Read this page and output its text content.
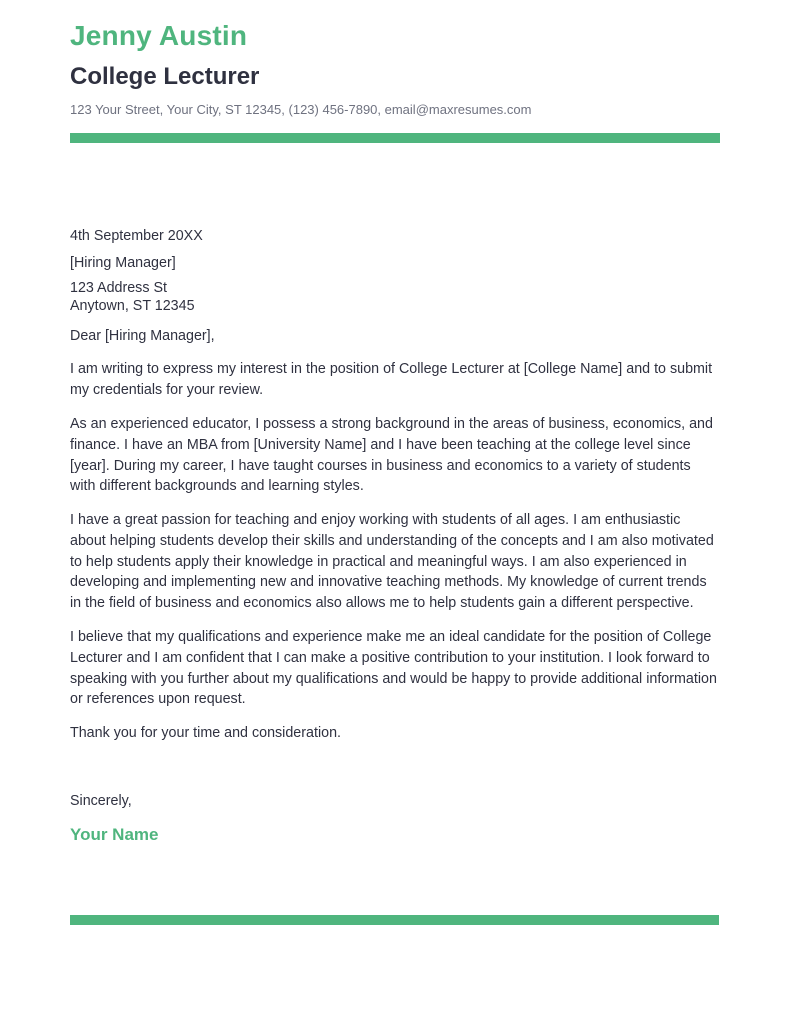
Jenny Austin
College Lecturer
123 Your Street, Your City, ST 12345, (123) 456-7890, email@maxresumes.com
4th September 20XX
[Hiring Manager]
123 Address St
Anytown, ST 12345
Dear [Hiring Manager],
I am writing to express my interest in the position of College Lecturer at [College Name] and to submit my credentials for your review.
As an experienced educator, I possess a strong background in the areas of business, economics, and finance. I have an MBA from [University Name] and I have been teaching at the college level since [year]. During my career, I have taught courses in business and economics to a variety of students with different backgrounds and learning styles.
I have a great passion for teaching and enjoy working with students of all ages. I am enthusiastic about helping students develop their skills and understanding of the concepts and I am also motivated to help students apply their knowledge in practical and meaningful ways. I am also experienced in developing and implementing new and innovative teaching methods. My knowledge of current trends in the field of business and economics also allows me to help students gain a different perspective.
I believe that my qualifications and experience make me an ideal candidate for the position of College Lecturer and I am confident that I can make a positive contribution to your institution. I look forward to speaking with you further about my qualifications and would be happy to provide additional information or references upon request.
Thank you for your time and consideration.
Sincerely,
Your Name
